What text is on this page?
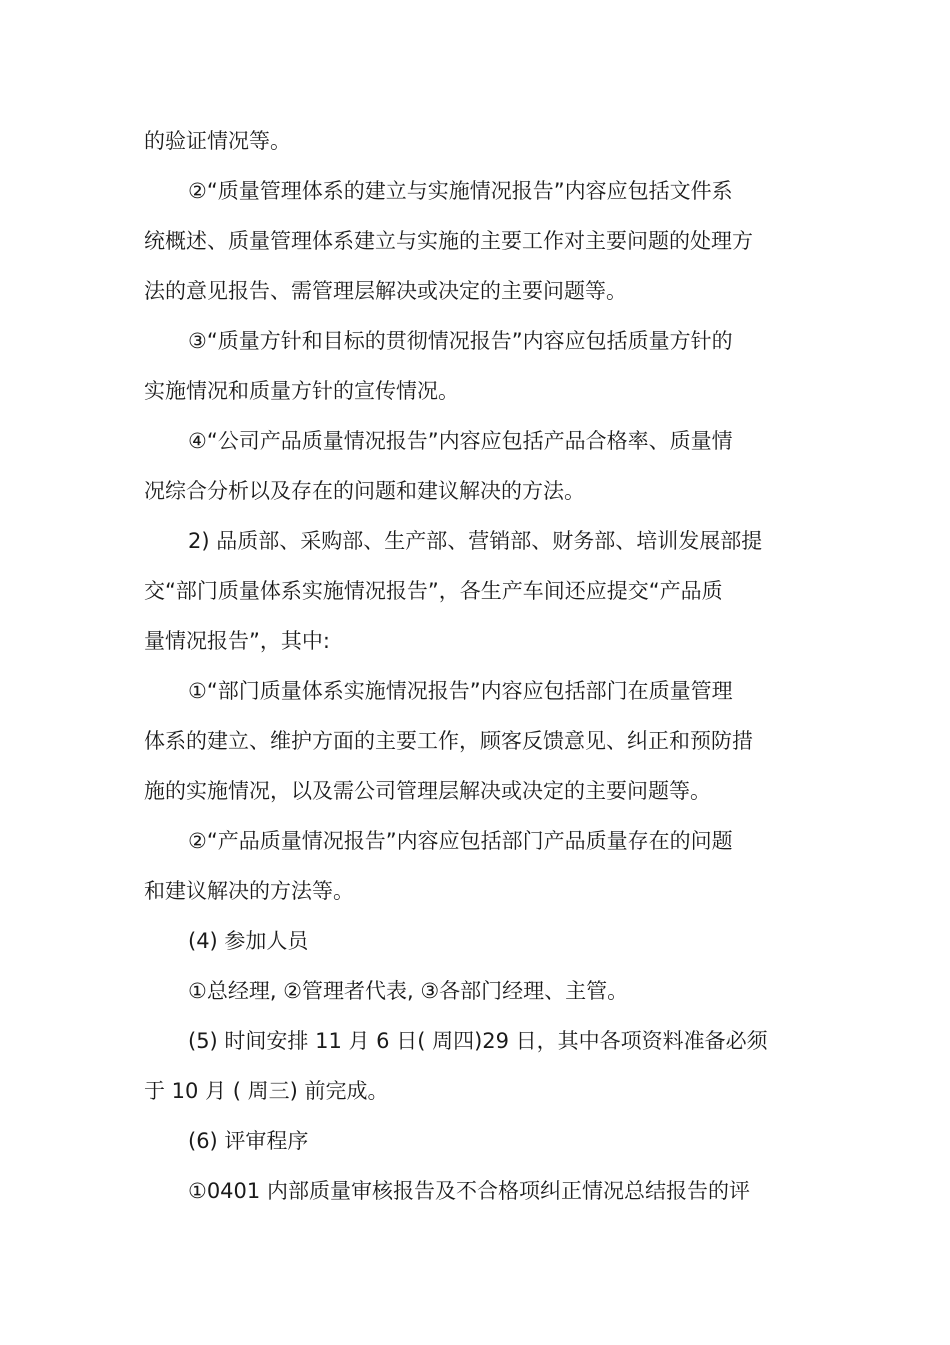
的验证情况等。
②“质量管理体系的建立与实施情况报告”内容应包括文件系
统概述、质量管理体系建立与实施的主要工作对主要问题的处理方
法的意见报告、需管理层解决或决定的主要问题等。
③“质量方针和目标的贯彻情况报告”内容应包括质量方针的
实施情况和质量方针的宣传情况。
④“公司产品质量情况报告”内容应包括产品合格率、质量情
况综合分析以及存在的问题和建议解决的方法。
2) 品质部、采购部、生产部、营销部、财务部、培训发展部提
交“部门质量体系实施情况报告”，各生产车间还应提交“产品质
量情况报告”，其中:
①“部门质量体系实施情况报告”内容应包括部门在质量管理
体系的建立、维护方面的主要工作，顾客反馈意见、纠正和预防措
施的实施情况，以及需公司管理层解决或决定的主要问题等。
②“产品质量情况报告”内容应包括部门产品质量存在的问题
和建议解决的方法等。
(4) 参加人员
①总经理, ②管理者代表, ③各部门经理、主管。
(5) 时间安排 11 月 6 日( 周四)29 日，其中各项资料准备必须
于 10 月 ( 周三) 前完成。
(6) 评审程序
①0401 内部质量审核报告及不合格项纠正情况总结报告的评
